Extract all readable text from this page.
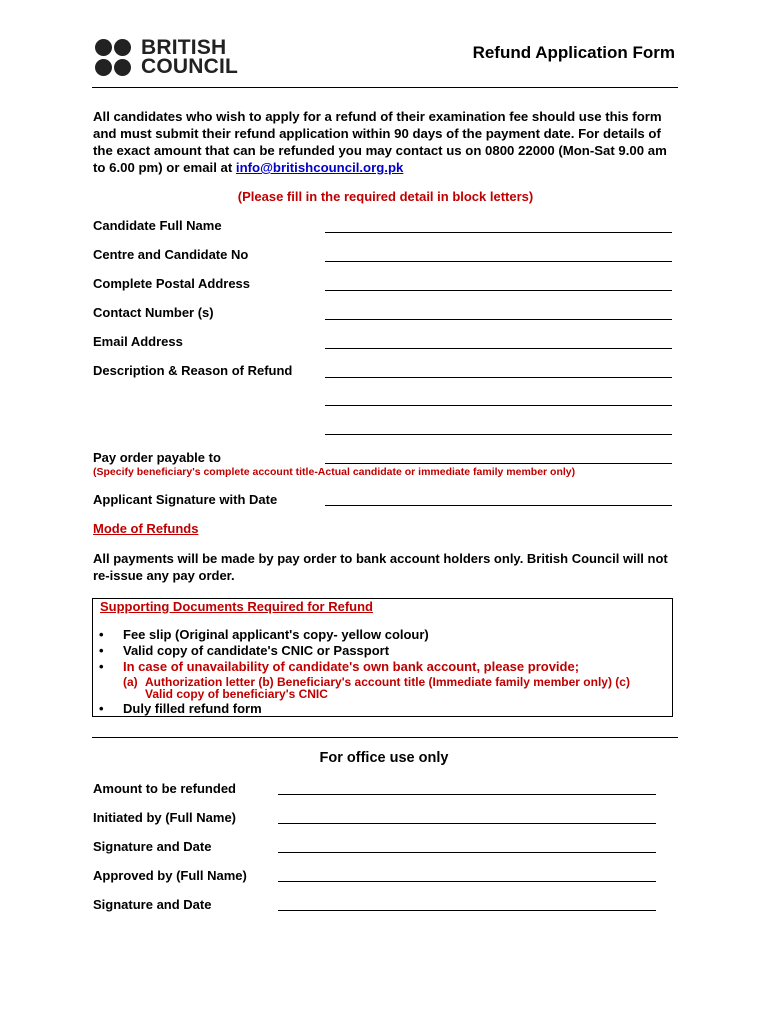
BRITISH
COUNCIL
Refund Application Form
All candidates who wish to apply for a refund of their examination fee should use this form and must submit their refund application within 90 days of the payment date. For details of the exact amount that can be refunded you may contact us on 0800 22000 (Mon-Sat 9.00 am to 6.00 pm) or email at info@britishcouncil.org.pk
(Please fill in the required detail in block letters)
Candidate Full Name
Centre and Candidate No
Complete Postal Address
Contact Number (s)
Email Address
Description & Reason of Refund
Pay order payable to
(Specify beneficiary's complete account title-Actual candidate or immediate family member only)
Applicant Signature with Date
Mode of Refunds
All payments will be made by pay order to bank account holders only. British Council will not re-issue any pay order.
Supporting Documents Required for Refund
• Fee slip (Original applicant's copy- yellow colour)
• Valid copy of candidate's CNIC or Passport
• In case of unavailability of candidate's own bank account, please provide;
(a) Authorization letter (b) Beneficiary's account title (Immediate family member only) (c)
Valid copy of beneficiary's CNIC
• Duly filled refund form
For office use only
Amount to be refunded
Initiated by (Full Name)
Signature and Date
Approved by (Full Name)
Signature and Date
